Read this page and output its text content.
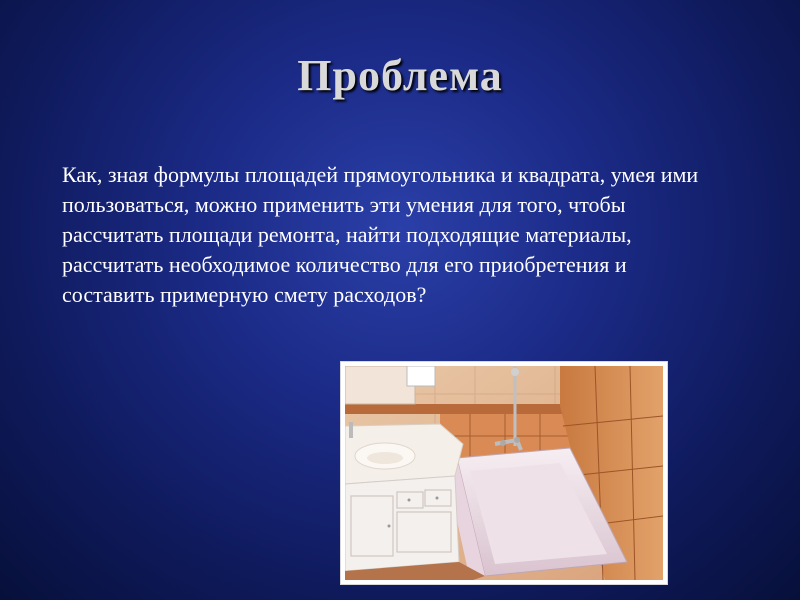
Проблема
Как, зная формулы площадей прямоугольника и квадрата, умея ими пользоваться, можно применить эти умения для того, чтобы рассчитать площади ремонта, найти подходящие материалы, рассчитать необходимое количество для его приобретения и составить примерную смету расходов?
